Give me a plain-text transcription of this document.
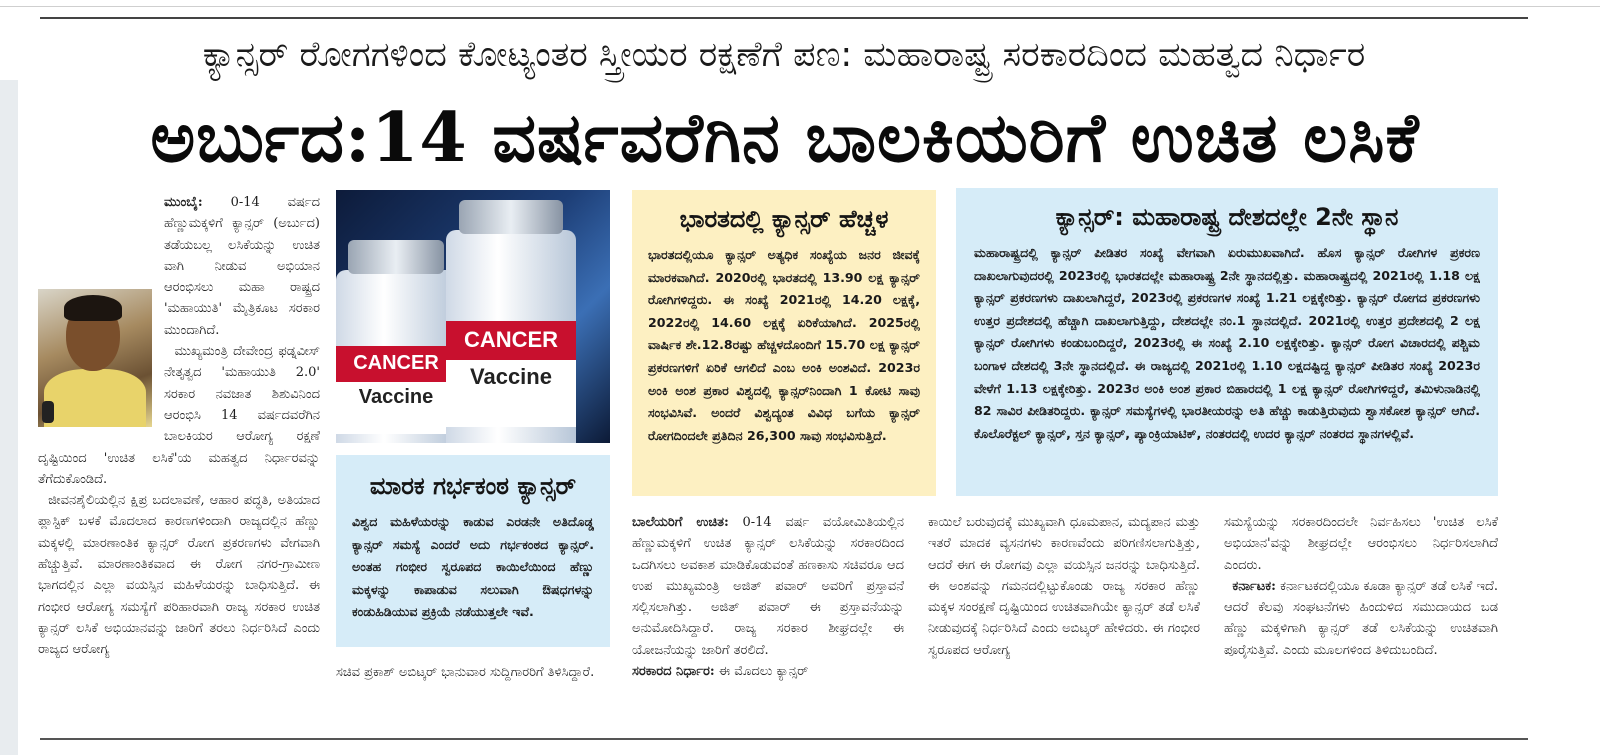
ಕ್ಯಾನ್ಸರ್ ರೋಗಗಳಿಂದ ಕೋಟ್ಯಂತರ ಸ್ತ್ರೀಯರ ರಕ್ಷಣೆಗೆ ಪಣ: ಮಹಾರಾಷ್ಟ್ರ ಸರಕಾರದಿಂದ ಮಹತ್ವದ ನಿರ್ಧಾರ
ಅರ್ಬುದ:14 ವರ್ಷವರೆಗಿನ ಬಾಲಕಿಯರಿಗೆ ಉಚಿತ ಲಸಿಕೆ
ಮುಂಬೈ: 0-14 ವರ್ಷದ ಹೆಣ್ಣುಮಕ್ಕಳಿಗೆ ಕ್ಯಾನ್ಸರ್ (ಅರ್ಬುದ) ತಡೆಯಬಲ್ಲ ಲಸಿಕೆಯನ್ನು ಉಚಿತ ವಾಗಿ ನೀಡುವ ಅಭಿಯಾನ ಆರಂಭಿಸಲು ಮಹಾ ರಾಷ್ಟ್ರದ 'ಮಹಾಯುತಿ' ಮೈತ್ರಿಕೂಟ ಸರಕಾರ ಮುಂದಾಗಿದೆ.
ಮುಖ್ಯಮಂತ್ರಿ ದೇವೇಂದ್ರ ಫಡ್ನವೀಸ್ ನೇತೃತ್ವದ 'ಮಹಾಯುತಿ 2.0' ಸರಕಾರ ನವಜಾತ ಶಿಶುವಿನಿಂದ ಆರಂಭಿಸಿ 14 ವರ್ಷದವರೆಗಿನ ಬಾಲಕಿಯರ ಆರೋಗ್ಯ ರಕ್ಷಣೆ ದೃಷ್ಟಿಯಿಂದ 'ಉಚಿತ ಲಸಿಕೆ'ಯ ಮಹತ್ವದ ನಿರ್ಧಾರವನ್ನು ತೆಗೆದುಕೊಂಡಿದೆ.
ಜೀವನಶೈಲಿಯಲ್ಲಿನ ಕ್ಷಿಪ್ರ ಬದಲಾವಣೆ, ಆಹಾರ ಪದ್ಧತಿ, ಅತಿಯಾದ ಪ್ಲಾಸ್ಟಿಕ್ ಬಳಕೆ ಮೊದಲಾದ ಕಾರಣಗಳಿಂದಾಗಿ ರಾಜ್ಯದಲ್ಲಿನ ಹೆಣ್ಣು ಮಕ್ಕಳಲ್ಲಿ ಮಾರಣಾಂತಿಕ ಕ್ಯಾನ್ಸರ್ ರೋಗ ಪ್ರಕರಣಗಳು ವೇಗವಾಗಿ ಹೆಚ್ಚುತ್ತಿವೆ. ಮಾರಣಾಂತಿಕವಾದ ಈ ರೋಗ ನಗರ-ಗ್ರಾಮೀಣ ಭಾಗದಲ್ಲಿನ ಎಲ್ಲಾ ವಯಸ್ಸಿನ ಮಹಿಳೆಯರನ್ನು ಬಾಧಿಸುತ್ತಿದೆ. ಈ ಗಂಭೀರ ಆರೋಗ್ಯ ಸಮಸ್ಯೆಗೆ ಪರಿಹಾರವಾಗಿ ರಾಜ್ಯ ಸರಕಾರ ಉಚಿತ ಕ್ಯಾನ್ಸರ್ ಲಸಿಕೆ ಅಭಿಯಾನವನ್ನು ಜಾರಿಗೆ ತರಲು ನಿರ್ಧರಿಸಿದೆ ಎಂದು ರಾಜ್ಯದ ಆರೋಗ್ಯ
CANCER
Vaccine
CANCER
Vaccine
ಮಾರಕ ಗರ್ಭಕಂಠ ಕ್ಯಾನ್ಸರ್
ವಿಶ್ವದ ಮಹಿಳೆಯರನ್ನು ಕಾಡುವ ಎರಡನೇ ಅತಿದೊಡ್ಡ ಕ್ಯಾನ್ಸರ್ ಸಮಸ್ಯೆ ಎಂದರೆ ಅದು ಗರ್ಭಕಂಠದ ಕ್ಯಾನ್ಸರ್. ಅಂತಹ ಗಂಭೀರ ಸ್ವರೂಪದ ಕಾಯಿಲೆಯಿಂದ ಹೆಣ್ಣು ಮಕ್ಕಳನ್ನು ಕಾಪಾಡುವ ಸಲುವಾಗಿ ಔಷಧಗಳನ್ನು ಕಂಡುಹಿಡಿಯುವ ಪ್ರಕ್ರಿಯೆ ನಡೆಯುತ್ತಲೇ ಇವೆ.
ಸಚಿವ ಪ್ರಕಾಶ್ ಅಬಿಟ್ಕರ್ ಭಾನುವಾರ ಸುದ್ದಿಗಾರರಿಗೆ ತಿಳಿಸಿದ್ದಾರೆ.
ಭಾರತದಲ್ಲಿ ಕ್ಯಾನ್ಸರ್ ಹೆಚ್ಚಳ
ಭಾರತದಲ್ಲಿಯೂ ಕ್ಯಾನ್ಸರ್ ಅತ್ಯಧಿಕ ಸಂಖ್ಯೆಯ ಜನರ ಜೀವಕ್ಕೆ ಮಾರಕವಾಗಿದೆ. 2020ರಲ್ಲಿ ಭಾರತದಲ್ಲಿ 13.90 ಲಕ್ಷ ಕ್ಯಾನ್ಸರ್ ರೋಗಿಗಳಿದ್ದರು. ಈ ಸಂಖ್ಯೆ 2021ರಲ್ಲಿ 14.20 ಲಕ್ಷಕ್ಕೆ, 2022ರಲ್ಲಿ 14.60 ಲಕ್ಷಕ್ಕೆ ಏರಿಕೆಯಾಗಿದೆ. 2025ರಲ್ಲಿ ವಾರ್ಷಿಕ ಶೇ.12.8ರಷ್ಟು ಹೆಚ್ಚಳದೊಂದಿಗೆ 15.70 ಲಕ್ಷ ಕ್ಯಾನ್ಸರ್ ಪ್ರಕರಣಗಳಿಗೆ ಏರಿಕೆ ಆಗಲಿದೆ ಎಂಬ ಅಂಕಿ ಅಂಶವಿದೆ. 2023ರ ಅಂಕಿ ಅಂಶ ಪ್ರಕಾರ ವಿಶ್ವದಲ್ಲಿ ಕ್ಯಾನ್ಸರ್‌ನಿಂದಾಗಿ 1 ಕೋಟಿ ಸಾವು ಸಂಭವಿಸಿವೆ. ಅಂದರೆ ವಿಶ್ವದ್ಯಂತ ವಿವಿಧ ಬಗೆಯ ಕ್ಯಾನ್ಸರ್ ರೋಗದಿಂದಲೇ ಪ್ರತಿದಿನ 26,300 ಸಾವು ಸಂಭವಿಸುತ್ತಿದೆ.
ಕ್ಯಾನ್ಸರ್: ಮಹಾರಾಷ್ಟ್ರ ದೇಶದಲ್ಲೇ 2ನೇ ಸ್ಥಾನ
ಮಹಾರಾಷ್ಟ್ರದಲ್ಲಿ ಕ್ಯಾನ್ಸರ್ ಪೀಡಿತರ ಸಂಖ್ಯೆ ವೇಗವಾಗಿ ಏರುಮುಖವಾಗಿದೆ. ಹೊಸ ಕ್ಯಾನ್ಸರ್ ರೋಗಿಗಳ ಪ್ರಕರಣ ದಾಖಲಾಗುವುದರಲ್ಲಿ 2023ರಲ್ಲಿ ಭಾರತದಲ್ಲೇ ಮಹಾರಾಷ್ಟ್ರ 2ನೇ ಸ್ಥಾನದಲ್ಲಿತ್ತು. ಮಹಾರಾಷ್ಟ್ರದಲ್ಲಿ 2021ರಲ್ಲಿ 1.18 ಲಕ್ಷ ಕ್ಯಾನ್ಸರ್ ಪ್ರಕರಣಗಳು ದಾಖಲಾಗಿದ್ದರೆ, 2023ರಲ್ಲಿ ಪ್ರಕರಣಗಳ ಸಂಖ್ಯೆ 1.21 ಲಕ್ಷಕ್ಕೇರಿತ್ತು. ಕ್ಯಾನ್ಸರ್ ರೋಗದ ಪ್ರಕರಣಗಳು ಉತ್ತರ ಪ್ರದೇಶದಲ್ಲಿ ಹೆಚ್ಚಾಗಿ ದಾಖಲಾಗುತ್ತಿದ್ದು, ದೇಶದಲ್ಲೇ ನಂ.1 ಸ್ಥಾನದಲ್ಲಿದೆ. 2021ರಲ್ಲಿ ಉತ್ತರ ಪ್ರದೇಶದಲ್ಲಿ 2 ಲಕ್ಷ ಕ್ಯಾನ್ಸರ್ ರೋಗಿಗಳು ಕಂಡುಬಂದಿದ್ದರೆ, 2023ರಲ್ಲಿ ಈ ಸಂಖ್ಯೆ 2.10 ಲಕ್ಷಕ್ಕೇರಿತ್ತು. ಕ್ಯಾನ್ಸರ್ ರೋಗ ವಿಚಾರದಲ್ಲಿ ಪಶ್ಚಿಮ ಬಂಗಾಳ ದೇಶದಲ್ಲಿ 3ನೇ ಸ್ಥಾನದಲ್ಲಿದೆ. ಈ ರಾಜ್ಯದಲ್ಲಿ 2021ರಲ್ಲಿ 1.10 ಲಕ್ಷದಷ್ಟಿದ್ದ ಕ್ಯಾನ್ಸರ್ ಪೀಡಿತರ ಸಂಖ್ಯೆ 2023ರ ವೇಳೆಗೆ 1.13 ಲಕ್ಷಕ್ಕೇರಿತ್ತು. 2023ರ ಅಂಕಿ ಅಂಶ ಪ್ರಕಾರ ಬಿಹಾರದಲ್ಲಿ 1 ಲಕ್ಷ ಕ್ಯಾನ್ಸರ್ ರೋಗಿಗಳಿದ್ದರೆ, ತಮಿಳುನಾಡಿನಲ್ಲಿ 82 ಸಾವಿರ ಪೀಡಿತರಿದ್ದರು. ಕ್ಯಾನ್ಸರ್ ಸಮಸ್ಯೆಗಳಲ್ಲಿ ಭಾರತೀಯರನ್ನು ಅತಿ ಹೆಚ್ಚು ಕಾಡುತ್ತಿರುವುದು ಶ್ವಾಸಕೋಶ ಕ್ಯಾನ್ಸರ್ ಆಗಿದೆ. ಕೊಲೊರೆಕ್ಟಲ್ ಕ್ಯಾನ್ಸರ್, ಸ್ತನ ಕ್ಯಾನ್ಸರ್, ಪ್ಯಾಂಕ್ರಿಯಾಟಿಕ್, ನಂತರದಲ್ಲಿ ಉದರ ಕ್ಯಾನ್ಸರ್ ನಂತರದ ಸ್ಥಾನಗಳಲ್ಲಿವೆ.
ಬಾಲೆಯರಿಗೆ ಉಚಿತ: 0-14 ವರ್ಷ ವಯೋಮಿತಿಯಲ್ಲಿನ ಹೆಣ್ಣುಮಕ್ಕಳಿಗೆ ಉಚಿತ ಕ್ಯಾನ್ಸರ್ ಲಸಿಕೆಯನ್ನು ಸರಕಾರದಿಂದ ಒದಗಿಸಲು ಅವಕಾಶ ಮಾಡಿಕೊಡುವಂತೆ ಹಣಕಾಸು ಸಚಿವರೂ ಆದ ಉಪ ಮುಖ್ಯಮಂತ್ರಿ ಅಜಿತ್ ಪವಾರ್ ಅವರಿಗೆ ಪ್ರಸ್ತಾವನೆ ಸಲ್ಲಿಸಲಾಗಿತ್ತು. ಅಜಿತ್ ಪವಾರ್ ಈ ಪ್ರಸ್ತಾವನೆಯನ್ನು ಅನುಮೋದಿಸಿದ್ದಾರೆ. ರಾಜ್ಯ ಸರಕಾರ ಶೀಘ್ರದಲ್ಲೇ ಈ ಯೋಜನೆಯನ್ನು ಜಾರಿಗೆ ತರಲಿದೆ.
ಸರಕಾರದ ನಿರ್ಧಾರ: ಈ ಮೊದಲು ಕ್ಯಾನ್ಸರ್
ಕಾಯಿಲೆ ಬರುವುದಕ್ಕೆ ಮುಖ್ಯವಾಗಿ ಧೂಮಪಾನ, ಮದ್ಯಪಾನ ಮತ್ತು ಇತರೆ ಮಾದಕ ವ್ಯಸನಗಳು ಕಾರಣವೆಂದು ಪರಿಗಣಿಸಲಾಗುತ್ತಿತ್ತು, ಆದರೆ ಈಗ ಈ ರೋಗವು ಎಲ್ಲಾ ವಯಸ್ಸಿನ ಜನರನ್ನು ಬಾಧಿಸುತ್ತಿದೆ. ಈ ಅಂಶವನ್ನು ಗಮನದಲ್ಲಿಟ್ಟುಕೊಂಡು ರಾಜ್ಯ ಸರಕಾರ ಹೆಣ್ಣು ಮಕ್ಕಳ ಸಂರಕ್ಷಣೆ ದೃಷ್ಟಿಯಿಂದ ಉಚಿತವಾಗಿಯೇ ಕ್ಯಾನ್ಸರ್ ತಡೆ ಲಸಿಕೆ ನೀಡುವುದಕ್ಕೆ ನಿರ್ಧರಿಸಿದೆ ಎಂದು ಅಬಿಟ್ಕರ್ ಹೇಳಿದರು. ಈ ಗಂಭೀರ ಸ್ವರೂಪದ ಆರೋಗ್ಯ
ಸಮಸ್ಯೆಯನ್ನು ಸರಕಾರದಿಂದಲೇ ನಿರ್ವಹಿಸಲು 'ಉಚಿತ ಲಸಿಕೆ ಅಭಿಯಾನ'ವನ್ನು ಶೀಘ್ರದಲ್ಲೇ ಆರಂಭಿಸಲು ನಿರ್ಧರಿಸಲಾಗಿದೆ ಎಂದರು.
ಕರ್ನಾಟಕ: ಕರ್ನಾಟಕದಲ್ಲಿಯೂ ಕೂಡಾ ಕ್ಯಾನ್ಸರ್ ತಡೆ ಲಸಿಕೆ ಇದೆ. ಆದರೆ ಕೆಲವು ಸಂಘಟನೆಗಳು ಹಿಂದುಳಿದ ಸಮುದಾಯದ ಬಡ ಹೆಣ್ಣು ಮಕ್ಕಳಿಗಾಗಿ ಕ್ಯಾನ್ಸರ್ ತಡೆ ಲಸಿಕೆಯನ್ನು ಉಚಿತವಾಗಿ ಪೂರೈಸುತ್ತಿವೆ. ಎಂದು ಮೂಲಗಳಿಂದ ತಿಳಿದುಬಂದಿದೆ.
